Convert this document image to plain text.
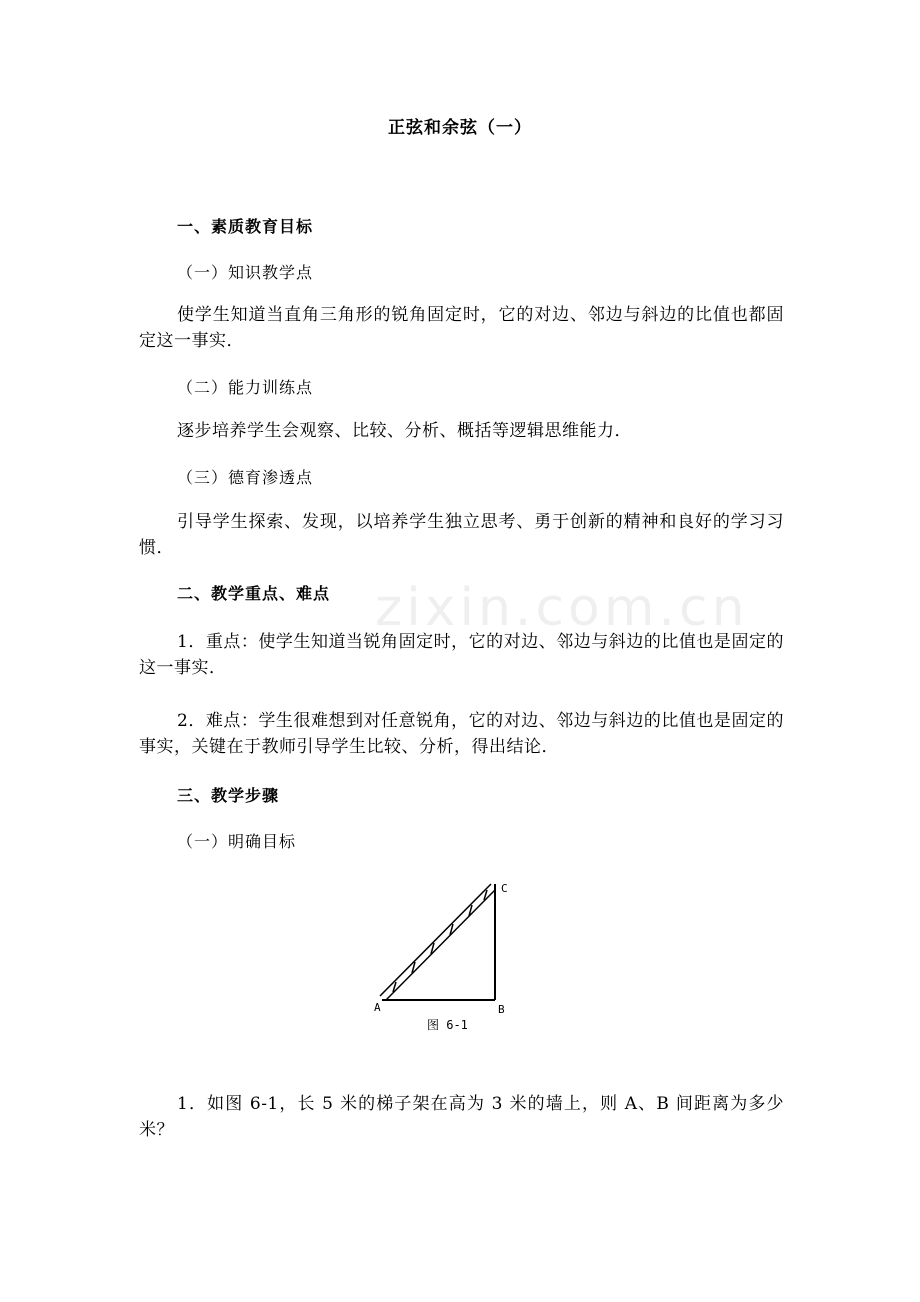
zixin.com.cn
正弦和余弦（一）
一、素质教育目标
（一）知识教学点
使学生知道当直角三角形的锐角固定时，它的对边、邻边与斜边的比值也都固定这一事实．
（二）能力训练点
逐步培养学生会观察、比较、分析、概括等逻辑思维能力．
（三）德育渗透点
引导学生探索、发现，以培养学生独立思考、勇于创新的精神和良好的学习习惯．
二、教学重点、难点
1．重点：使学生知道当锐角固定时，它的对边、邻边与斜边的比值也是固定的这一事实．
2．难点：学生很难想到对任意锐角，它的对边、邻边与斜边的比值也是固定的事实，关键在于教师引导学生比较、分析，得出结论．
三、教学步骤
（一）明确目标
A	B
C
图 6-1
1．如图 6-1，长 5 米的梯子架在高为 3 米的墙上，则 A、B 间距离为多少米？
